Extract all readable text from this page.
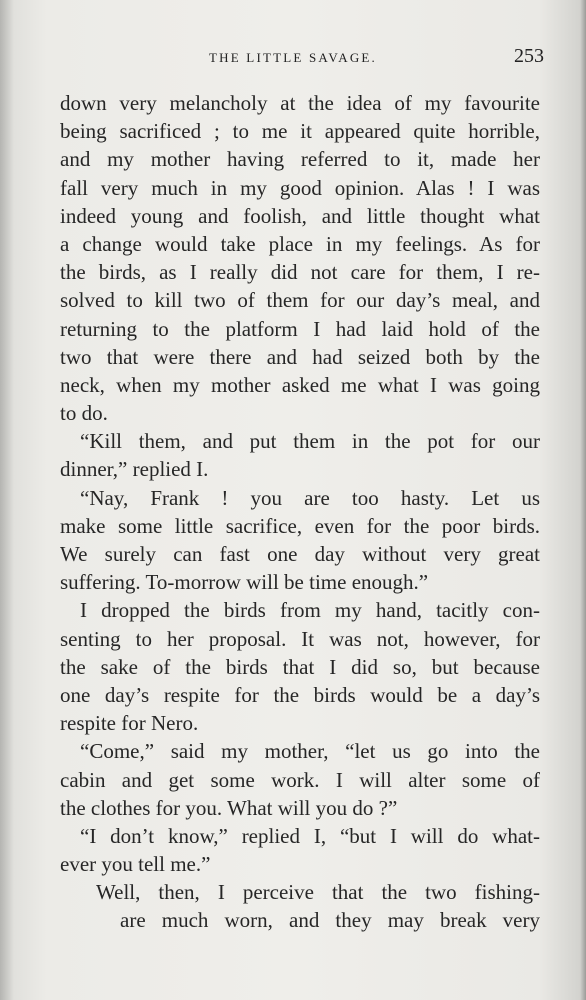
THE LITTLE SAVAGE.	253
down very melancholy at the idea of my favourite
being sacrificed ; to me it appeared quite horrible,
and my mother having referred to it, made her
fall very much in my good opinion. Alas ! I was
indeed young and foolish, and little thought what
a change would take place in my feelings. As for
the birds, as I really did not care for them, I re-
solved to kill two of them for our day’s meal, and
returning to the platform I had laid hold of the
two that were there and had seized both by the
neck, when my mother asked me what I was going
to do.
“Kill them, and put them in the pot for our
dinner,” replied I.
“Nay, Frank ! you are too hasty. Let us
make some little sacrifice, even for the poor birds.
We surely can fast one day without very great
suffering. To-morrow will be time enough.”
I dropped the birds from my hand, tacitly con-
senting to her proposal. It was not, however, for
the sake of the birds that I did so, but because
one day’s respite for the birds would be a day’s
respite for Nero.
“Come,” said my mother, “let us go into the
cabin and get some work. I will alter some of
the clothes for you. What will you do ?”
“I don’t know,” replied I, “but I will do what-
ever you tell me.”
Well, then, I perceive that the two fishing-
are much worn, and they may break very
